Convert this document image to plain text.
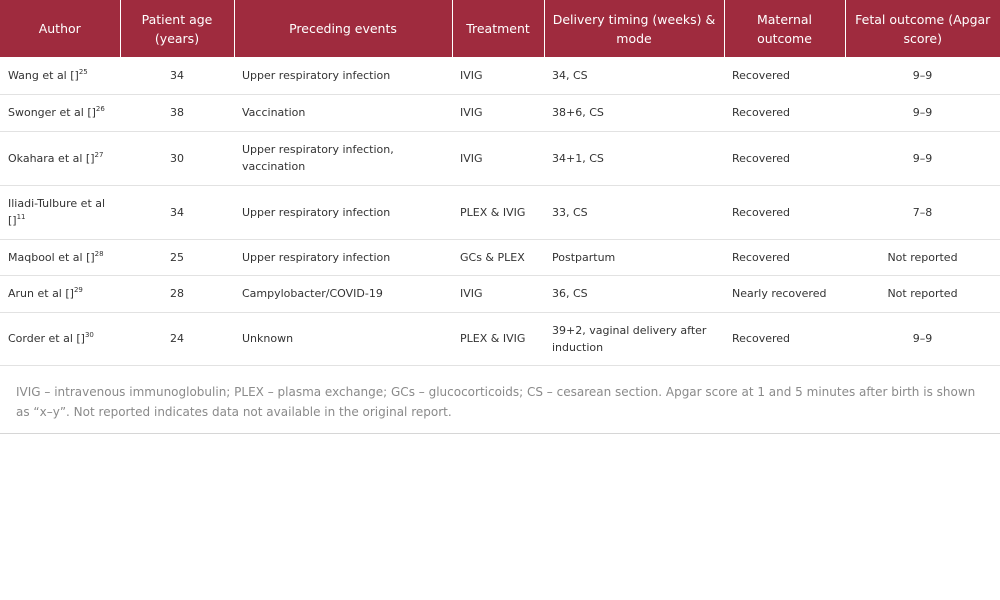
Author	Patient age (years)	Preceding events	Treatment	Delivery timing (weeks) & mode	Maternal outcome	Fetal outcome (Apgar score)
Wang et al []$^{25}$	34	Upper respiratory infection	IVIG	34, CS	Recovered	9–9
Swonger et al []$^{26}$	38	Vaccination	IVIG	38+6, CS	Recovered	9–9
Okahara et al []$^{27}$	30	Upper respiratory infection, vaccination	IVIG	34+1, CS	Recovered	9–9
Iliadi-Tulbure et al []$^{11}$	34	Upper respiratory infection	PLEX & IVIG	33, CS	Recovered	7–8
Maqbool et al []$^{28}$	25	Upper respiratory infection	GCs & PLEX	Postpartum	Recovered	Not reported
Arun et al []$^{29}$	28	Campylobacter/COVID-19	IVIG	36, CS	Nearly recovered	Not reported
Corder et al []$^{30}$	24	Unknown	PLEX & IVIG	39+2, vaginal delivery after induction	Recovered	9–9
IVIG – intravenous immunoglobulin; PLEX – plasma exchange; GCs – glucocorticoids; CS – cesarean section. Apgar score at 1 and 5 minutes after birth is shown as “x–y”. Not reported indicates data not available in the original report.
